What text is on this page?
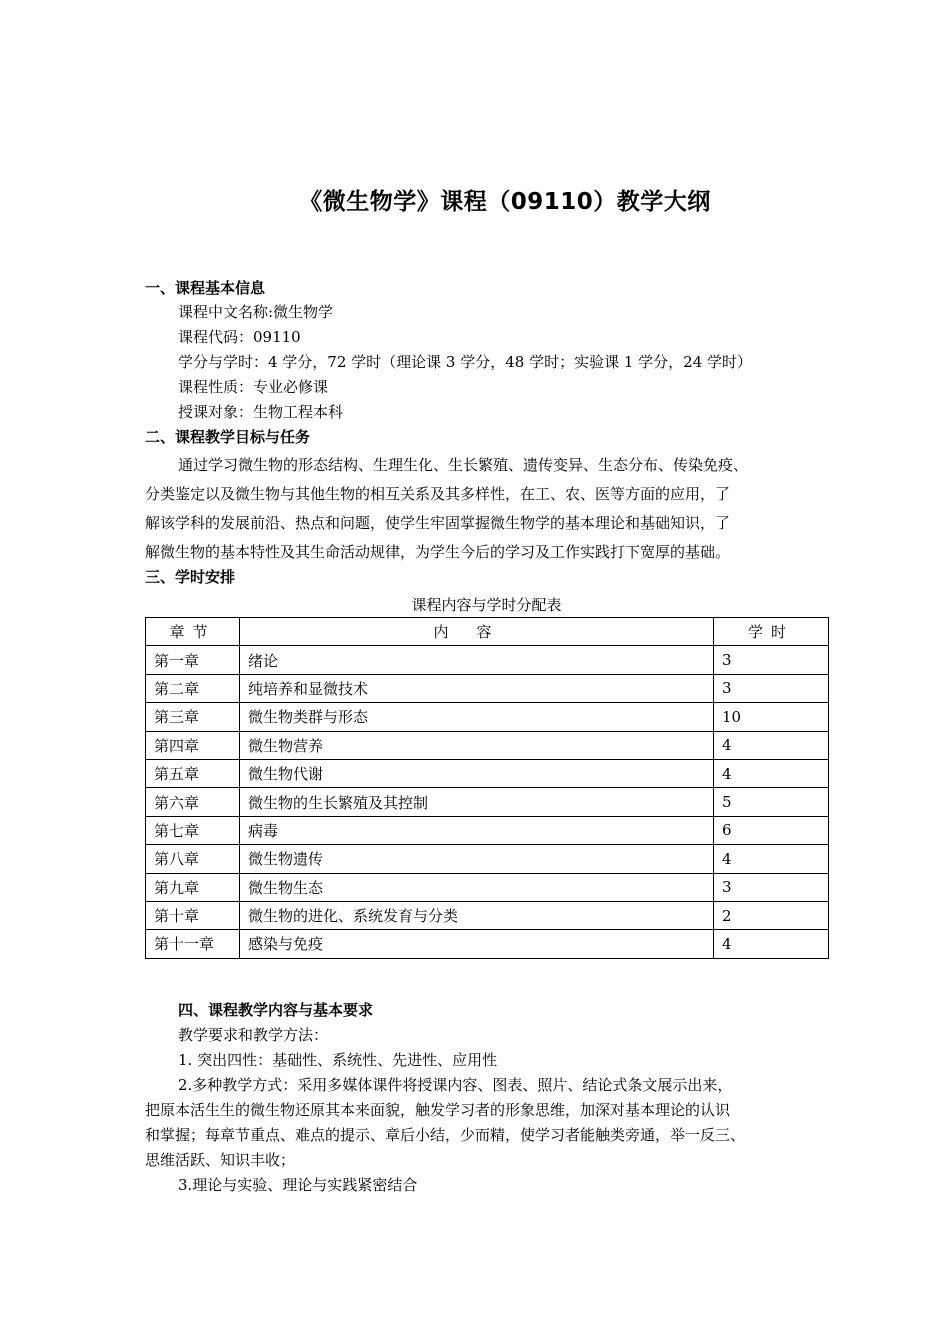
《微生物学》课程（09110）教学大纲
一、课程基本信息
课程中文名称:微生物学
课程代码：09110
学分与学时：4 学分，72 学时（理论课 3 学分，48 学时；实验课 1 学分，24 学时）
课程性质：专业必修课
授课对象：生物工程本科
二、课程教学目标与任务
通过学习微生物的形态结构、生理生化、生长繁殖、遗传变异、生态分布、传染免疫、
分类鉴定以及微生物与其他生物的相互关系及其多样性，在工、农、医等方面的应用，了
解该学科的发展前沿、热点和问题，使学生牢固掌握微生物学的基本理论和基础知识，了
解微生物的基本特性及其生命活动规律，为学生今后的学习及工作实践打下宽厚的基础。
三、学时安排
课程内容与学时分配表
章节	内容	学时
第一章	绪论	3
第二章	纯培养和显微技术	3
第三章	微生物类群与形态	10
第四章	微生物营养	4
第五章	微生物代谢	4
第六章	微生物的生长繁殖及其控制	5
第七章	病毒	6
第八章	微生物遗传	4
第九章	微生物生态	3
第十章	微生物的进化、系统发育与分类	2
第十一章	感染与免疫	4
四、课程教学内容与基本要求
教学要求和教学方法：
1. 突出四性：基础性、系统性、先进性、应用性
2.多种教学方式：采用多媒体课件将授课内容、图表、照片、结论式条文展示出来，
把原本活生生的微生物还原其本来面貌，触发学习者的形象思维，加深对基本理论的认识
和掌握；每章节重点、难点的提示、章后小结，少而精，使学习者能触类旁通，举一反三、
思维活跃、知识丰收；
3.理论与实验、理论与实践紧密结合
